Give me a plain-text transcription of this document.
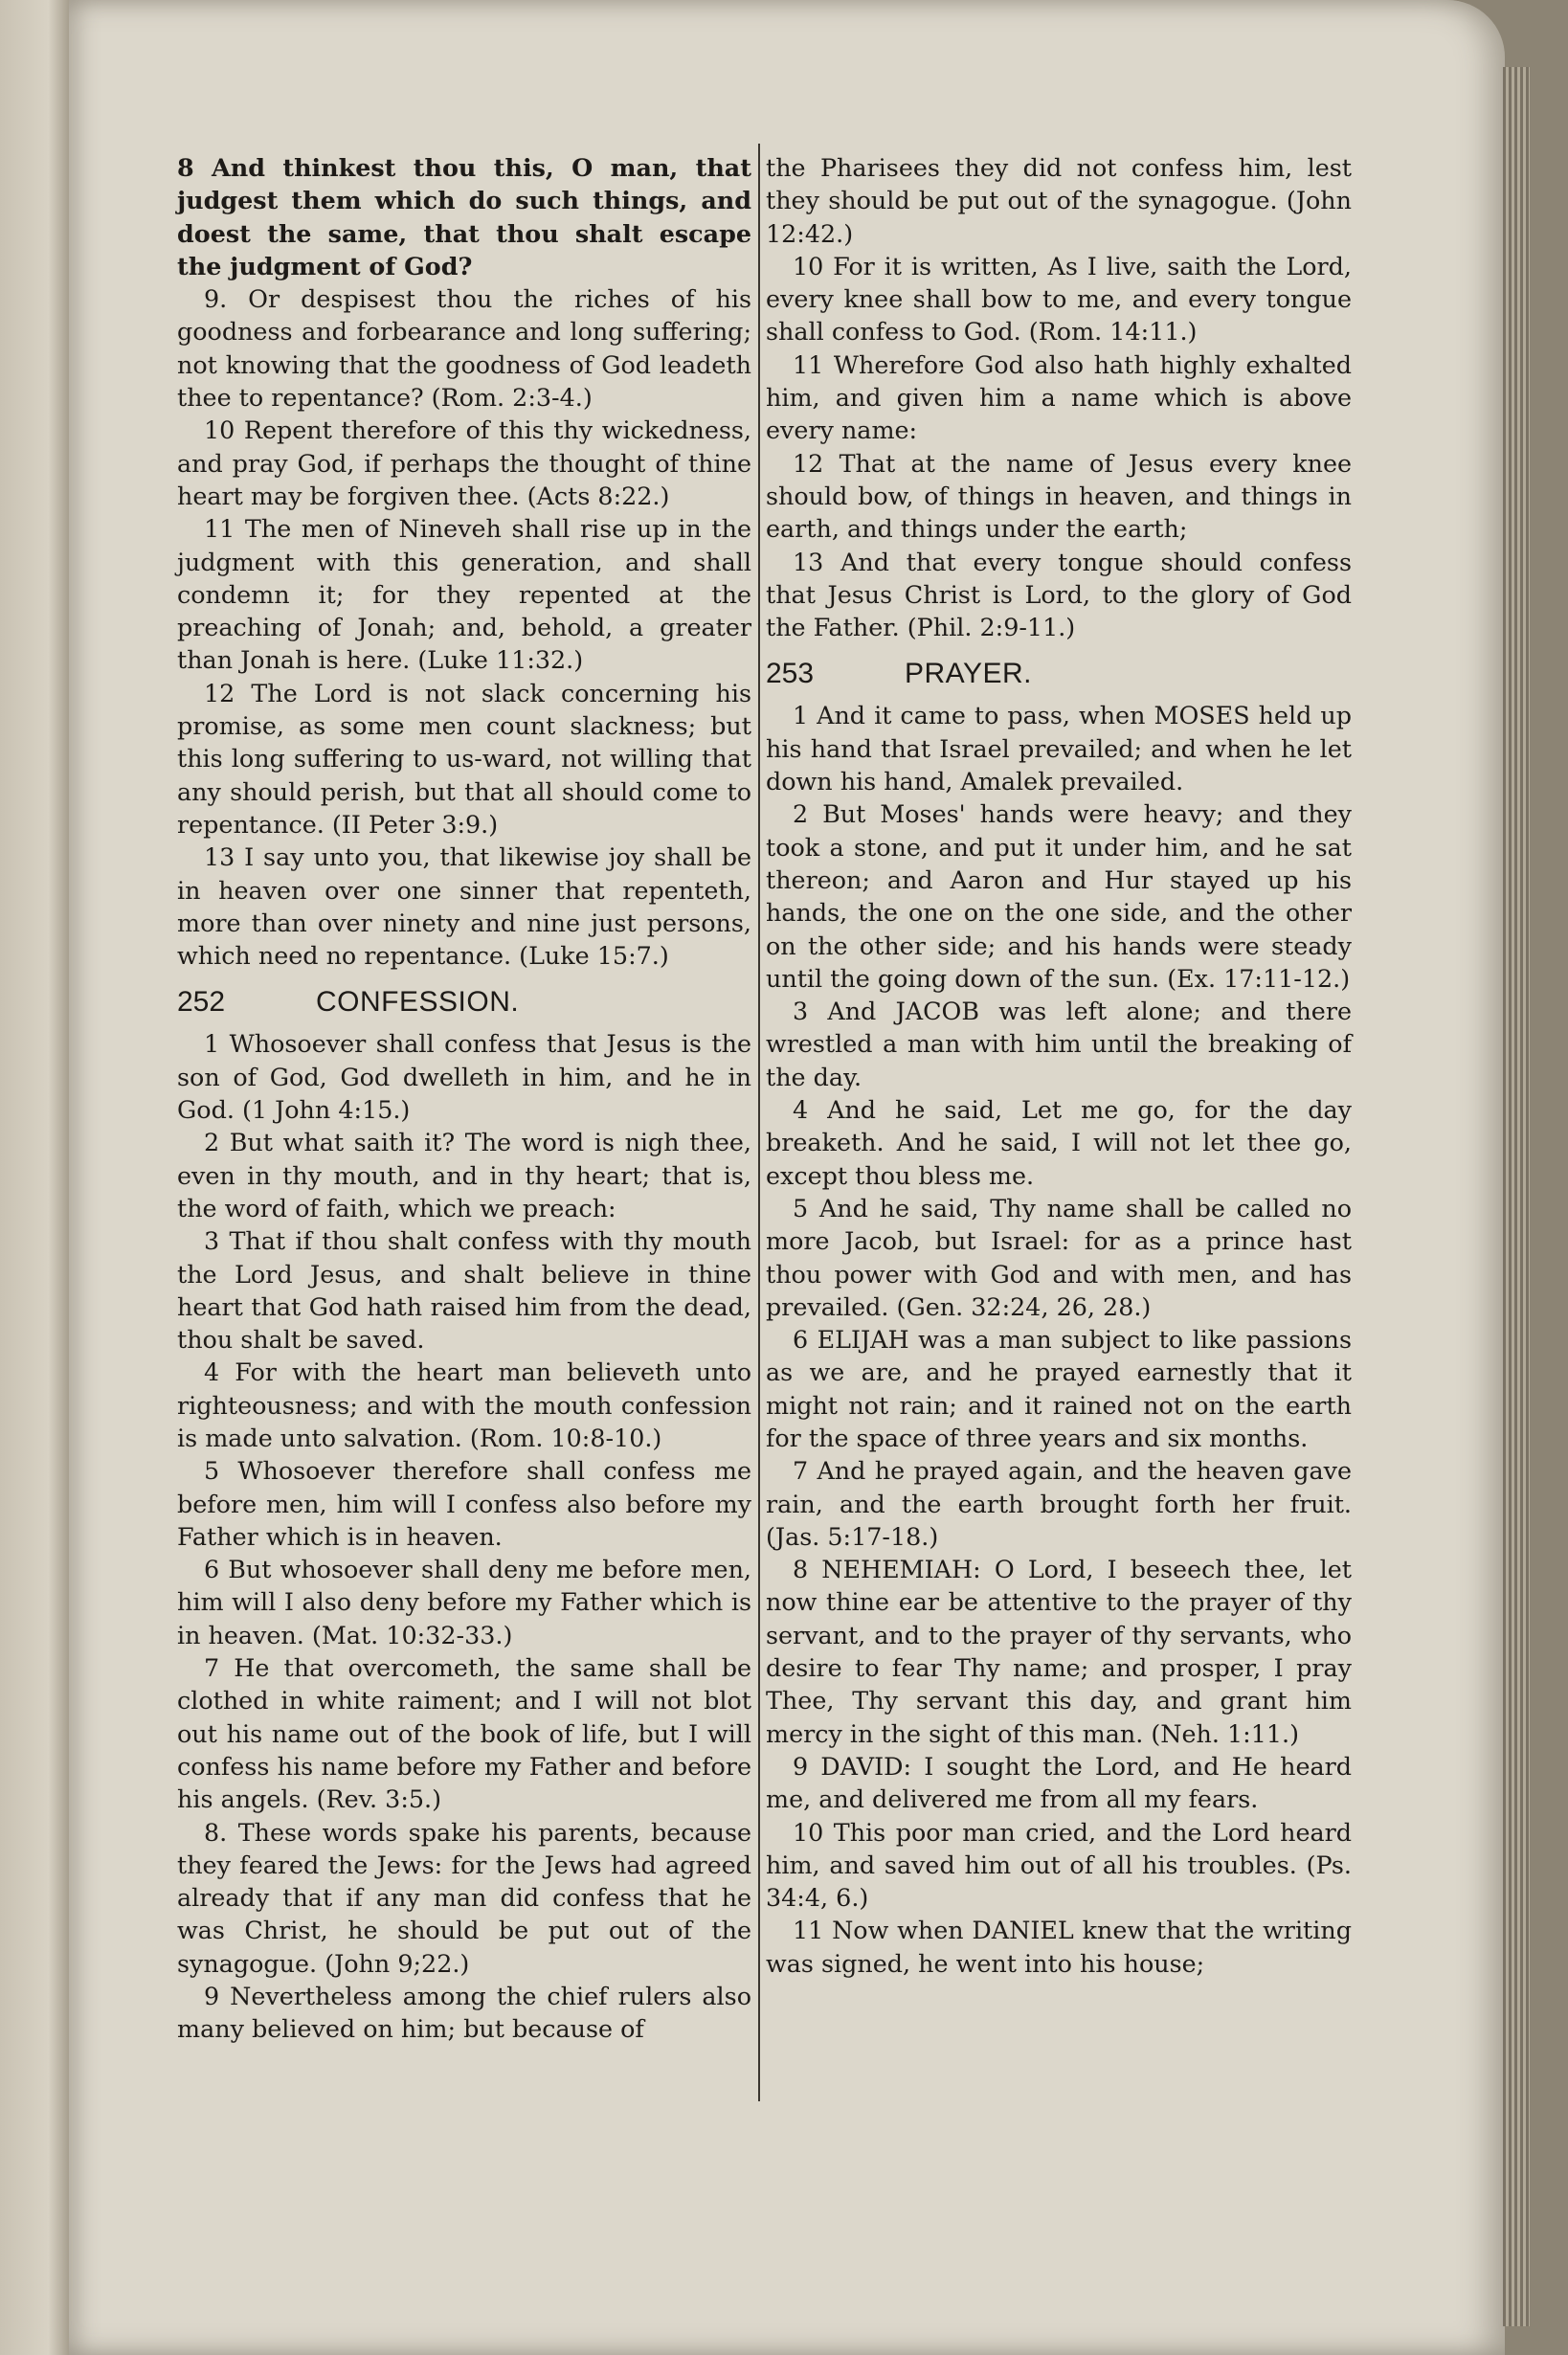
8 And thinkest thou this, O man, that judgest them which do such things, and doest the same, that thou shalt escape the judgment of God?

9. Or despisest thou the riches of his goodness and forbearance and long suffering; not knowing that the goodness of God leadeth thee to repentance? (Rom. 2:3-4.)

10 Repent therefore of this thy wickedness, and pray God, if perhaps the thought of thine heart may be forgiven thee. (Acts 8:22.)

11 The men of Nineveh shall rise up in the judgment with this generation, and shall condemn it; for they repented at the preaching of Jonah; and, behold, a greater than Jonah is here. (Luke 11:32.)

12 The Lord is not slack concerning his promise, as some men count slackness; but this long suffering to us-ward, not willing that any should perish, but that all should come to repentance. (II Peter 3:9.)

13 I say unto you, that likewise joy shall be in heaven over one sinner that repenteth, more than over ninety and nine just persons, which need no repentance. (Luke 15:7.)

252	CONFESSION.

1 Whosoever shall confess that Jesus is the son of God, God dwelleth in him, and he in God. (1 John 4:15.)

2 But what saith it? The word is nigh thee, even in thy mouth, and in thy heart; that is, the word of faith, which we preach:

3 That if thou shalt confess with thy mouth the Lord Jesus, and shalt believe in thine heart that God hath raised him from the dead, thou shalt be saved.

4 For with the heart man believeth unto righteousness; and with the mouth confession is made unto salvation. (Rom. 10:8-10.)

5 Whosoever therefore shall confess me before men, him will I confess also before my Father which is in heaven.

6 But whosoever shall deny me before men, him will I also deny before my Father which is in heaven. (Mat. 10:32-33.)

7 He that overcometh, the same shall be clothed in white raiment; and I will not blot out his name out of the book of life, but I will confess his name before my Father and before his angels. (Rev. 3:5.)

8. These words spake his parents, because they feared the Jews: for the Jews had agreed already that if any man did confess that he was Christ, he should be put out of the synagogue. (John 9;22.)

9 Nevertheless among the chief rulers also many believed on him; but because of

the Pharisees they did not confess him, lest they should be put out of the synagogue. (John 12:42.)

10 For it is written, As I live, saith the Lord, every knee shall bow to me, and every tongue shall confess to God. (Rom. 14:11.)

11 Wherefore God also hath highly exhalted him, and given him a name which is above every name:

12 That at the name of Jesus every knee should bow, of things in heaven, and things in earth, and things under the earth;

13 And that every tongue should confess that Jesus Christ is Lord, to the glory of God the Father. (Phil. 2:9-11.)

253	PRAYER.

1 And it came to pass, when MOSES held up his hand that Israel prevailed; and when he let down his hand, Amalek prevailed.

2 But Moses' hands were heavy; and they took a stone, and put it under him, and he sat thereon; and Aaron and Hur stayed up his hands, the one on the one side, and the other on the other side; and his hands were steady until the going down of the sun. (Ex. 17:11-12.)

3 And JACOB was left alone; and there wrestled a man with him until the breaking of the day.

4 And he said, Let me go, for the day breaketh. And he said, I will not let thee go, except thou bless me.

5 And he said, Thy name shall be called no more Jacob, but Israel: for as a prince hast thou power with God and with men, and has prevailed. (Gen. 32:24, 26, 28.)

6 ELIJAH was a man subject to like passions as we are, and he prayed earnestly that it might not rain; and it rained not on the earth for the space of three years and six months.

7 And he prayed again, and the heaven gave rain, and the earth brought forth her fruit. (Jas. 5:17-18.)

8 NEHEMIAH: O Lord, I beseech thee, let now thine ear be attentive to the prayer of thy servant, and to the prayer of thy servants, who desire to fear Thy name; and prosper, I pray Thee, Thy servant this day, and grant him mercy in the sight of this man. (Neh. 1:11.)

9 DAVID: I sought the Lord, and He heard me, and delivered me from all my fears.

10 This poor man cried, and the Lord heard him, and saved him out of all his troubles. (Ps. 34:4, 6.)

11 Now when DANIEL knew that the writing was signed, he went into his house;
